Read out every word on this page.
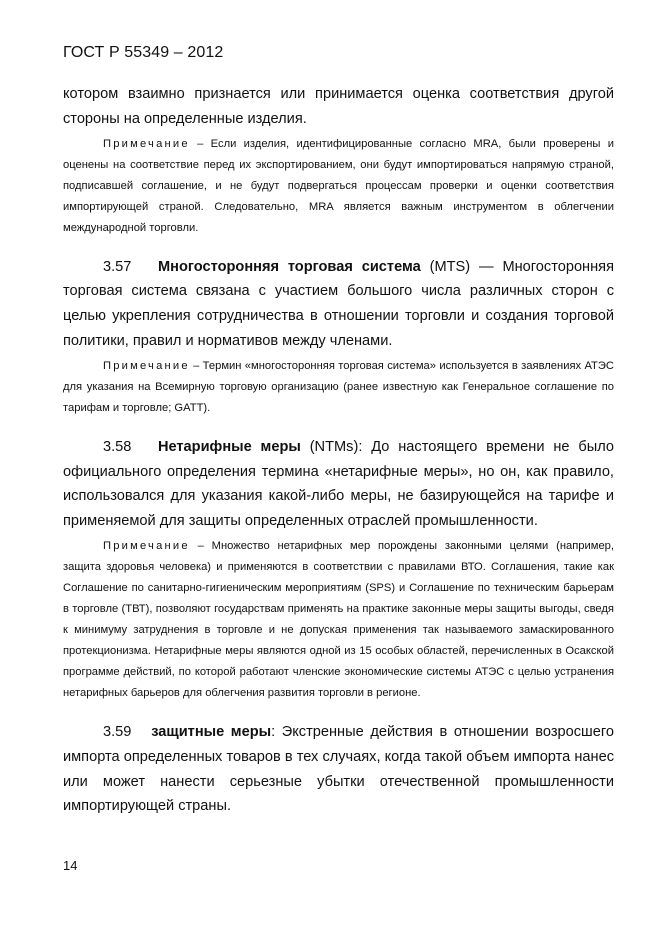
ГОСТ Р 55349 – 2012

котором взаимно признается или принимается оценка соответствия другой стороны на определенные изделия.

Примечание – Если изделия, идентифицированные согласно MRA, были проверены и оценены на соответствие перед их экспортированием, они будут импортироваться напрямую страной, подписавшей соглашение, и не будут подвергаться процессам проверки и оценки соответствия импортирующей страной. Следовательно, MRA является важным инструментом в облегчении международной торговли.

3.57 Многосторонняя торговая система (MTS) — Многосторонняя торговая система связана с участием большого числа различных сторон с целью укрепления сотрудничества в отношении торговли и создания торговой политики, правил и нормативов между членами.

Примечание – Термин «многосторонняя торговая система» используется в заявлениях АТЭС для указания на Всемирную торговую организацию (ранее известную как Генеральное соглашение по тарифам и торговле; GATT).

3.58 Нетарифные меры (NTMs): До настоящего времени не было официального определения термина «нетарифные меры», но он, как правило, использовался для указания какой-либо меры, не базирующейся на тарифе и применяемой для защиты определенных отраслей промышленности.

Примечание – Множество нетарифных мер порождены законными целями (например, защита здоровья человека) и применяются в соответствии с правилами ВТО. Соглашения, такие как Соглашение по санитарно-гигиеническим мероприятиям (SPS) и Соглашение по техническим барьерам в торговле (ТВТ), позволяют государствам применять на практике законные меры защиты выгоды, сведя к минимуму затруднения в торговле и не допуская применения так называемого замаскированного протекционизма. Нетарифные меры являются одной из 15 особых областей, перечисленных в Осакской программе действий, по которой работают членские экономические системы АТЭС с целью устранения нетарифных барьеров для облегчения развития торговли в регионе.

3.59 защитные меры: Экстренные действия в отношении возросшего импорта определенных товаров в тех случаях, когда такой объем импорта нанес или может нанести серьезные убытки отечественной промышленности импортирующей страны.

14
